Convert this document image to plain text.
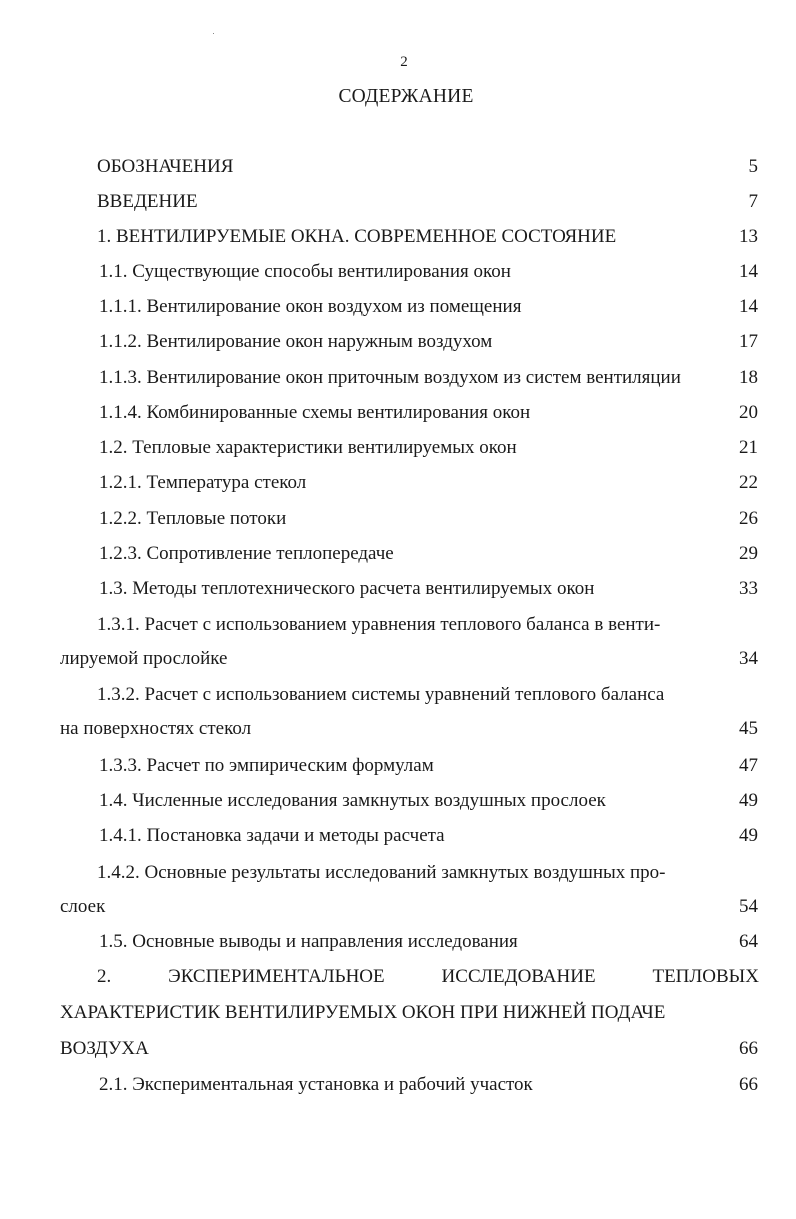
2
СОДЕРЖАНИЕ
ОБОЗНАЧЕНИЯ	5
ВВЕДЕНИЕ	7
1. ВЕНТИЛИРУЕМЫЕ ОКНА. СОВРЕМЕННОЕ СОСТОЯНИЕ	13
1.1. Существующие способы вентилирования окон	14
1.1.1. Вентилирование окон воздухом из помещения	14
1.1.2. Вентилирование окон наружным воздухом	17
1.1.3. Вентилирование окон приточным воздухом из систем вентиляции	18
1.1.4. Комбинированные схемы вентилирования окон	20
1.2. Тепловые характеристики вентилируемых окон	21
1.2.1. Температура стекол	22
1.2.2. Тепловые потоки	26
1.2.3. Сопротивление теплопередаче	29
1.3. Методы теплотехнического расчета вентилируемых окон	33
1.3.1. Расчет с использованием уравнения теплового баланса в венти-
лируемой прослойке	34
1.3.2. Расчет с использованием системы уравнений теплового баланса
на поверхностях стекол	45
1.3.3. Расчет по эмпирическим формулам	47
1.4. Численные исследования замкнутых воздушных прослоек	49
1.4.1. Постановка задачи и методы расчета	49
1.4.2. Основные результаты исследований замкнутых воздушных про-
слоек	54
1.5. Основные выводы и направления исследования	64
2.	ЭКСПЕРИМЕНТАЛЬНОЕ	ИССЛЕДОВАНИЕ	ТЕПЛОВЫХ
ХАРАКТЕРИСТИК ВЕНТИЛИРУЕМЫХ ОКОН ПРИ НИЖНЕЙ ПОДАЧЕ
ВОЗДУХА	66
2.1. Экспериментальная установка и рабочий участок	66
